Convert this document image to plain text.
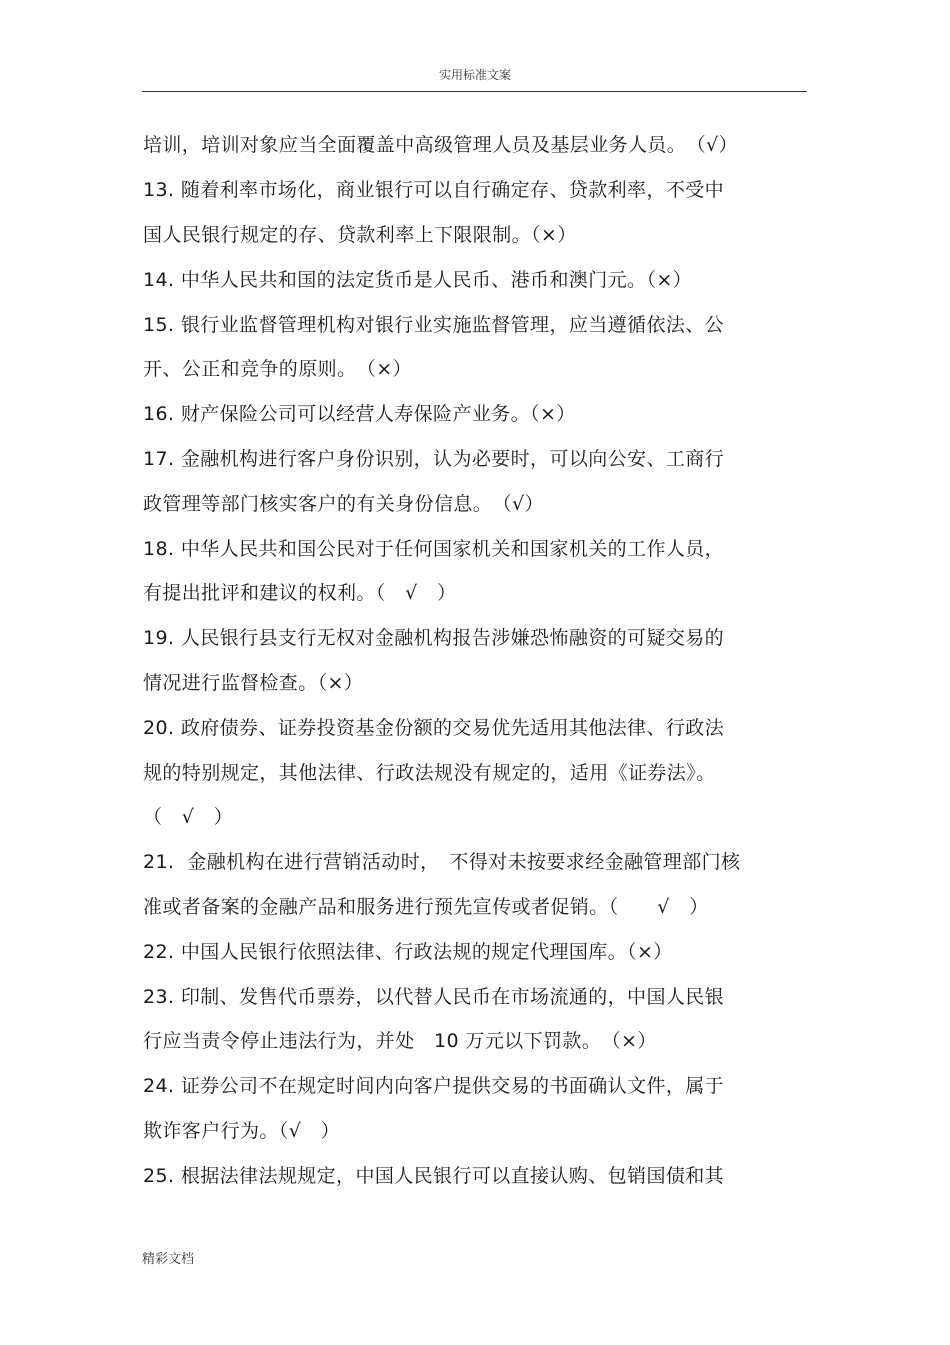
实用标准文案
培训，培训对象应当全面覆盖中高级管理人员及基层业务人员。　（√）
13. 随着利率市场化，商业银行可以自行确定存、贷款利率，不受中
国人民银行规定的存、贷款利率上下限限制。（×）
14. 中华人民共和国的法定货币是人民币、港币和澳门元。（×）
15. 银行业监督管理机构对银行业实施监督管理，应当遵循依法、公
开、公正和竞争的原则。　（×）
16. 财产保险公司可以经营人寿保险产业务。（×）
17. 金融机构进行客户身份识别，认为必要时，可以向公安、工商行
政管理等部门核实客户的有关身份信息。　（√）
18. 中华人民共和国公民对于任何国家机关和国家机关的工作人员，
有提出批评和建议的权利。（　√　）
19. 人民银行县支行无权对金融机构报告涉嫌恐怖融资的可疑交易的
情况进行监督检查。（×）
20. 政府债券、证券投资基金份额的交易优先适用其他法律、行政法
规的特别规定，其他法律、行政法规没有规定的，适用《证券法》。
（　√　）
21.  金融机构在进行营销活动时，　不得对未按要求经金融管理部门核
准或者备案的金融产品和服务进行预先宣传或者促销。（　　√　）
22. 中国人民银行依照法律、行政法规的规定代理国库。（×）
23. 印制、发售代币票券，以代替人民币在市场流通的，中国人民银
行应当责令停止违法行为，并处　10 万元以下罚款。　（×）
24. 证券公司不在规定时间内向客户提供交易的书面确认文件，属于
欺诈客户行为。（√　）
25. 根据法律法规规定，中国人民银行可以直接认购、包销国债和其
精彩文档
